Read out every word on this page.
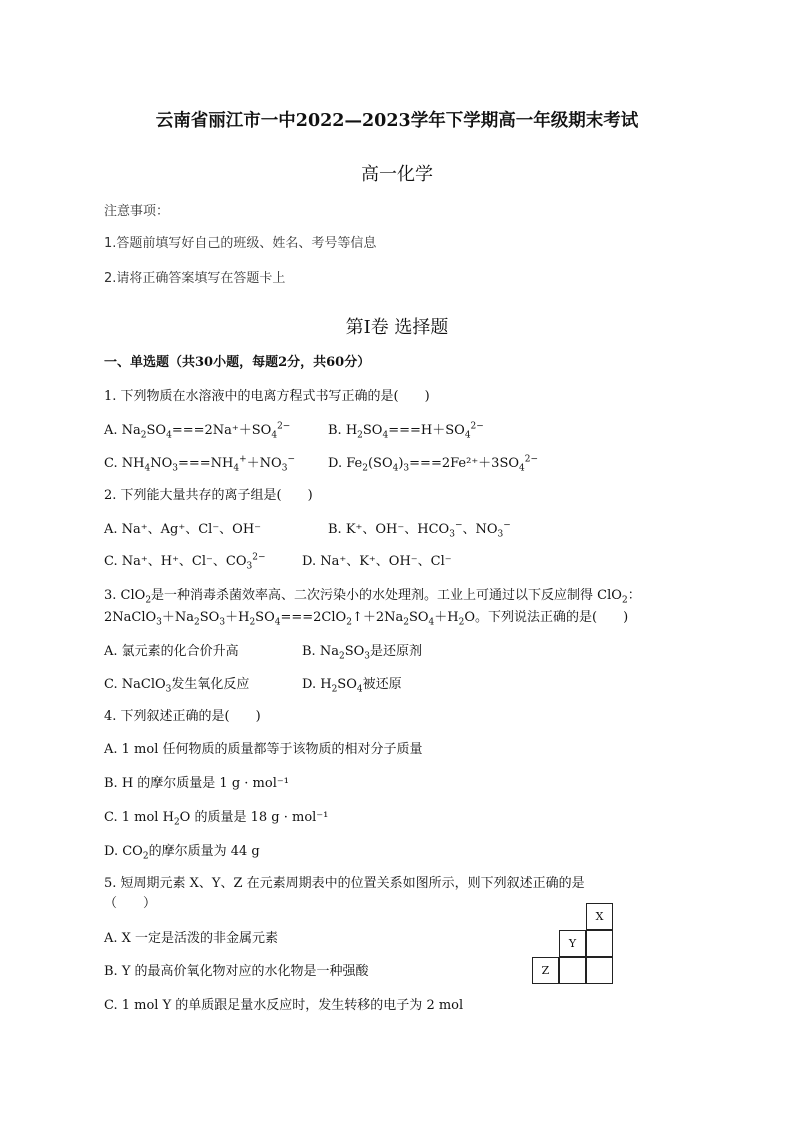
云南省丽江市一中2022—2023学年下学期高一年级期末考试
高一化学
注意事项：
1.答题前填写好自己的班级、姓名、考号等信息
2.请将正确答案填写在答题卡上
第Ⅰ卷 选择题
一、单选题（共30小题，每题2分，共60分）
1. 下列物质在水溶液中的电离方程式书写正确的是(　　)
A. $Na_2SO_4===2Na^++SO_4^{2-}$	B. $H_2SO_4===H+SO_4^{2-}$
C. $NH_4NO_3===NH_4^++NO_3^-$	D. $Fe_2(SO_4)_3===2Fe^{2+}+3SO_4^{2-}$
2. 下列能大量共存的离子组是(　　)
A. Na⁺、Ag⁺、Cl⁻、OH⁻	B. K⁺、OH⁻、$HCO_3^-$、$NO_3^-$
C. Na⁺、H⁺、Cl⁻、$CO_3^{2-}$	D. Na⁺、K⁺、OH⁻、Cl⁻
3. ClO$_2$是一种消毒杀菌效率高、二次污染小的水处理剂。工业上可通过以下反应制得 ClO$_2$：
$2NaClO_3+Na_2SO_3+H_2SO_4===2ClO_2↑+2Na_2SO_4+H_2O$。下列说法正确的是(　　)
A. 氯元素的化合价升高	B. $Na_2SO_3$是还原剂
C. NaClO$_3$发生氧化反应	D. $H_2SO_4$被还原
4. 下列叙述正确的是(　　)
A. 1 mol 任何物质的质量都等于该物质的相对分子质量
B. H 的摩尔质量是 1 g · mol⁻¹
C. 1 mol $H_2O$ 的质量是 18 g · mol⁻¹
D. $CO_2$的摩尔质量为 44 g
5. 短周期元素 X、Y、Z 在元素周期表中的位置关系如图所示，则下列叙述正确的是
（　　）
A. X 一定是活泼的非金属元素
B. Y 的最高价氧化物对应的水化物是一种强酸
C. 1 mol Y 的单质跟足量水反应时，发生转移的电子为 2 mol
X
Y
Z
